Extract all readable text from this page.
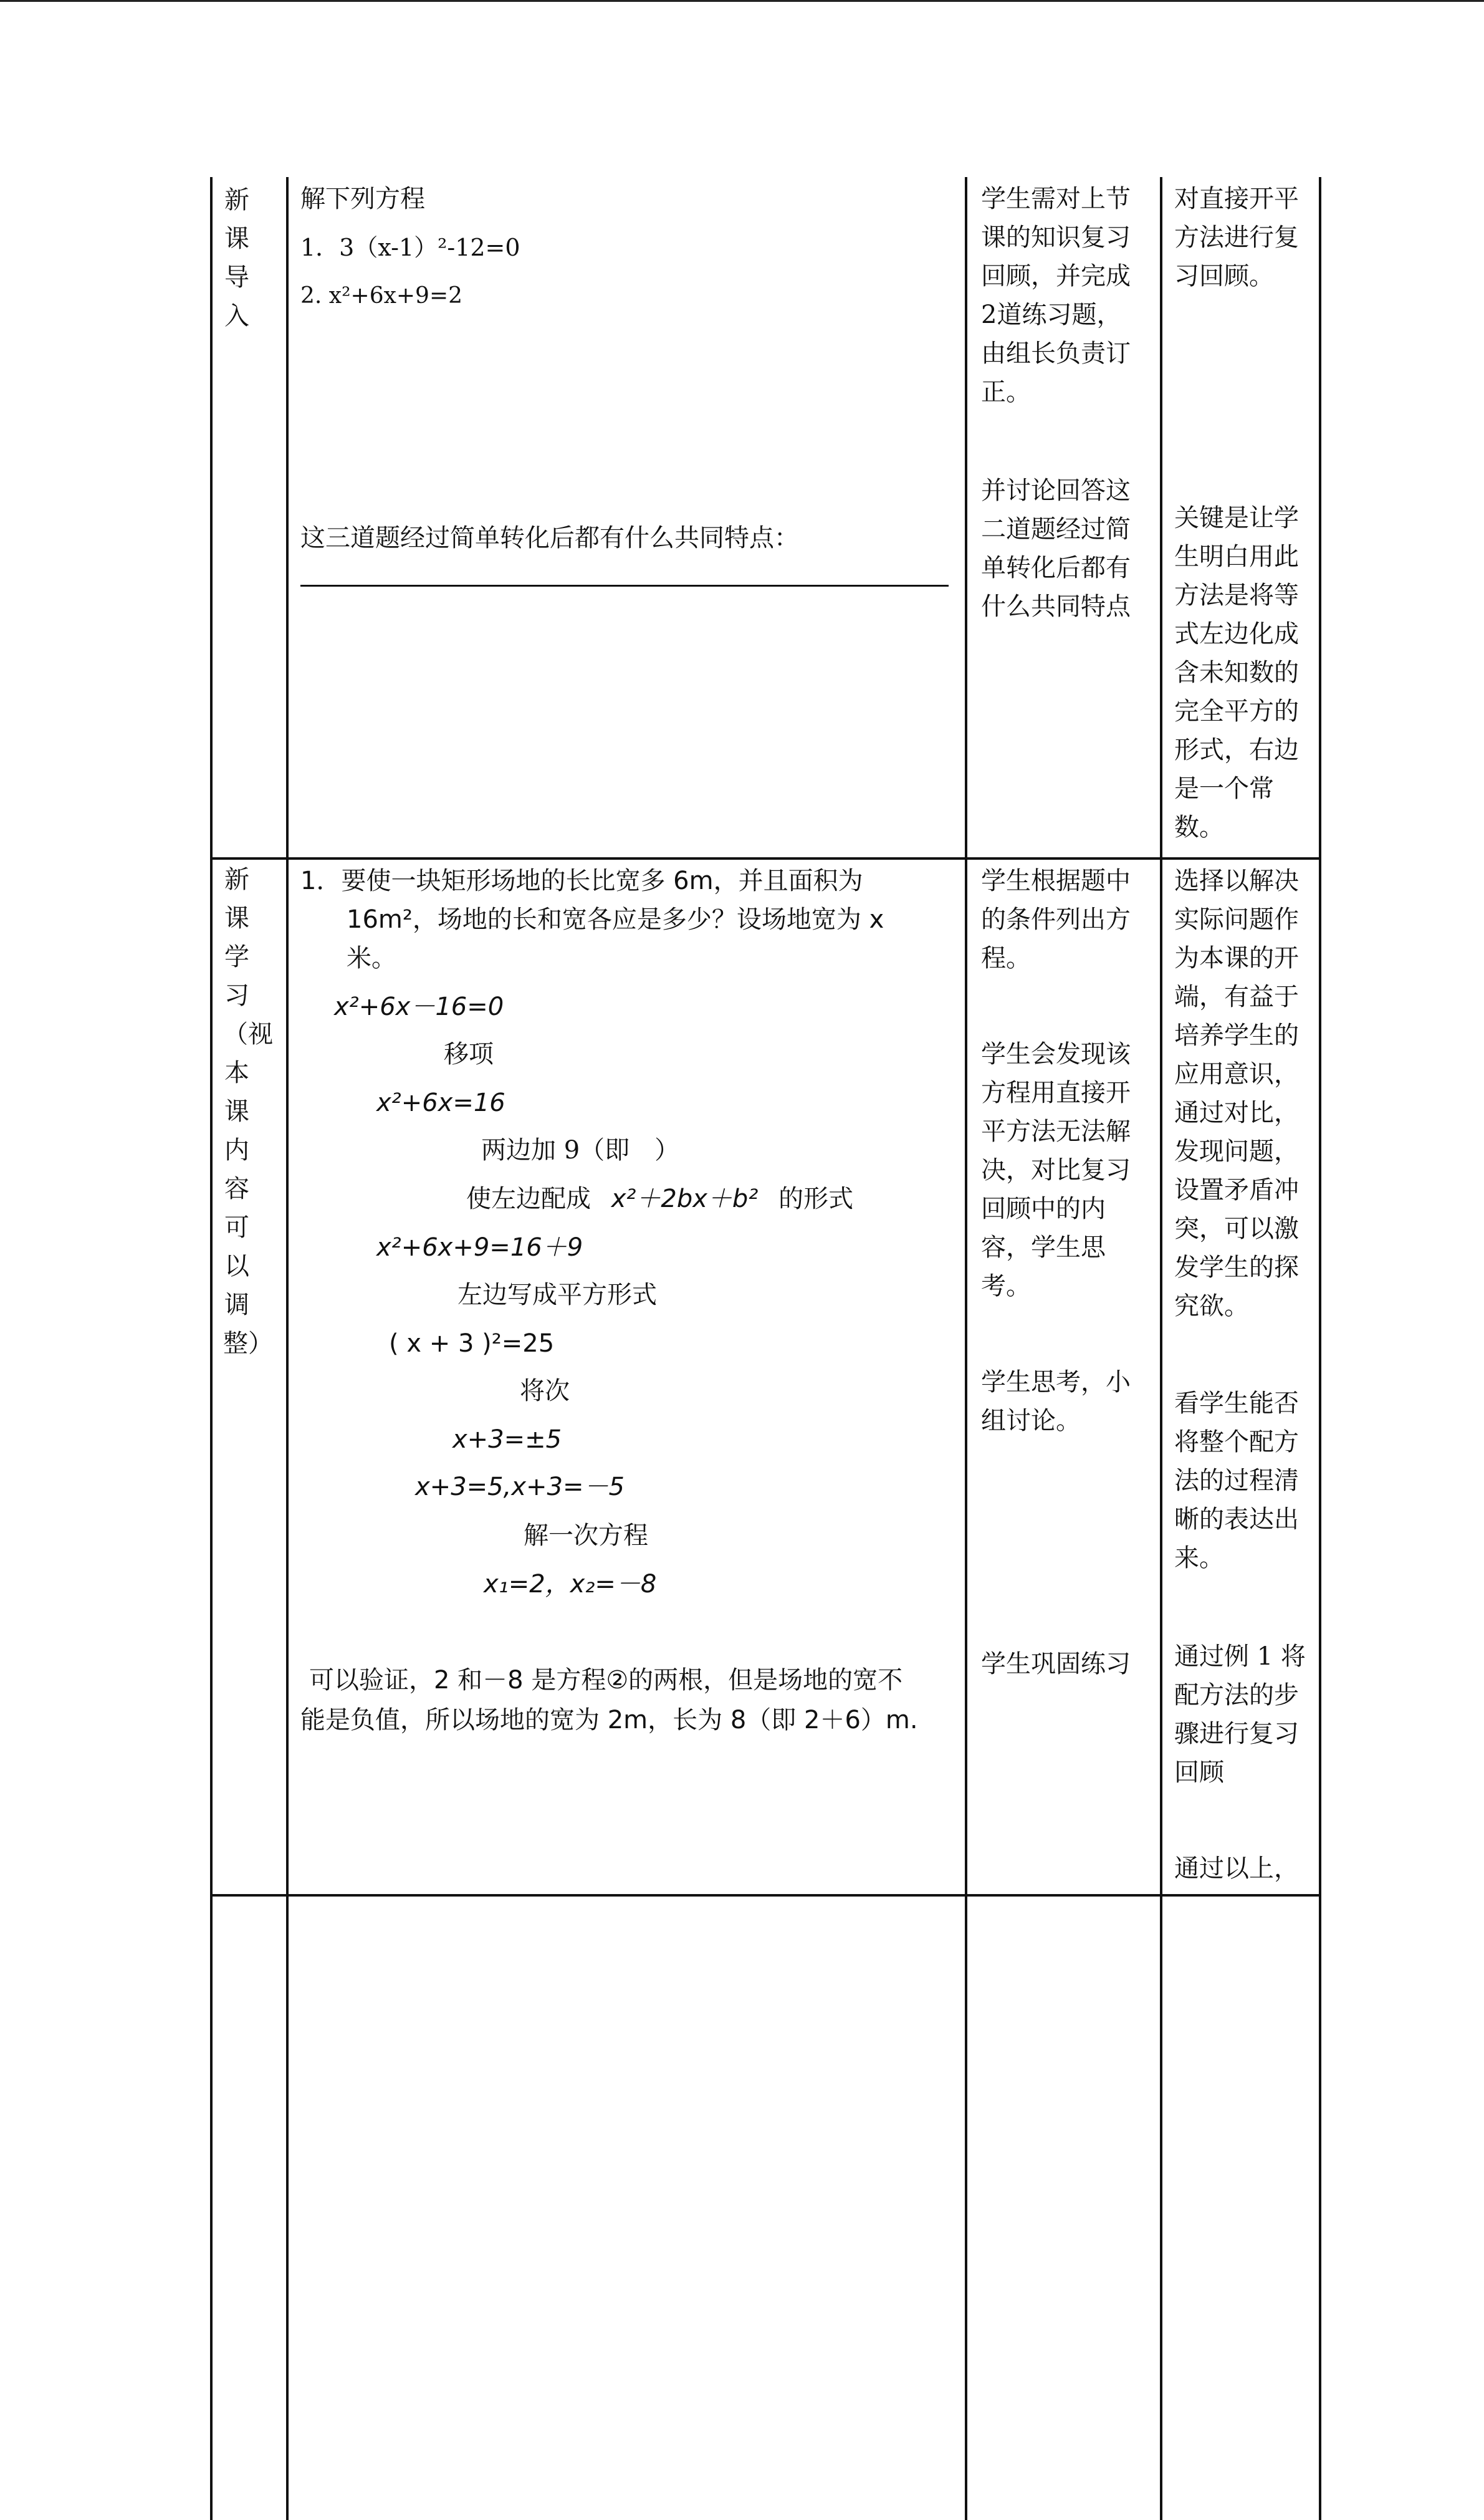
新课导入
解下列方程
1．3（x-1）²-12=0
2. x²+6x+9=2
这三道题经过简单转化后都有什么共同特点：
学生需对上节课的知识复习回顾，并完成2道练习题，由组长负责订正。
并讨论回答这二道题经过简单转化后都有什么共同特点
对直接开平方法进行复习回顾。
关键是让学生明白用此方法是将等式左边化成含未知数的完全平方的形式，右边是一个常数。
新课学习（视本课内容可以调整）
1．要使一块矩形场地的长比宽多 6m，并且面积为
16m²，场地的长和宽各应是多少？设场地宽为 x
米。
x²+6x－16=0
移项
x²+6x=16
两边加 9（即　）
使左边配成 x²＋2bx＋b² 的形式
x²+6x+9=16＋9
左边写成平方形式
( x + 3 )²=25
将次
x+3=±5
x+3=5,x+3=－5
解一次方程
x₁=2，x₂=－8
可以验证，2 和－8 是方程②的两根，但是场地的宽不
能是负值，所以场地的宽为 2m，长为 8（即 2＋6）m.
学生根据题中的条件列出方程。
学生会发现该方程用直接开平方法无法解决，对比复习回顾中的内容，学生思考。
学生思考，小组讨论。
学生巩固练习
选择以解决实际问题作为本课的开端，有益于培养学生的应用意识，通过对比，发现问题，设置矛盾冲突，可以激发学生的探究欲。
看学生能否将整个配方法的过程清晰的表达出来。
通过例 1 将配方法的步骤进行复习回顾
通过以上，
